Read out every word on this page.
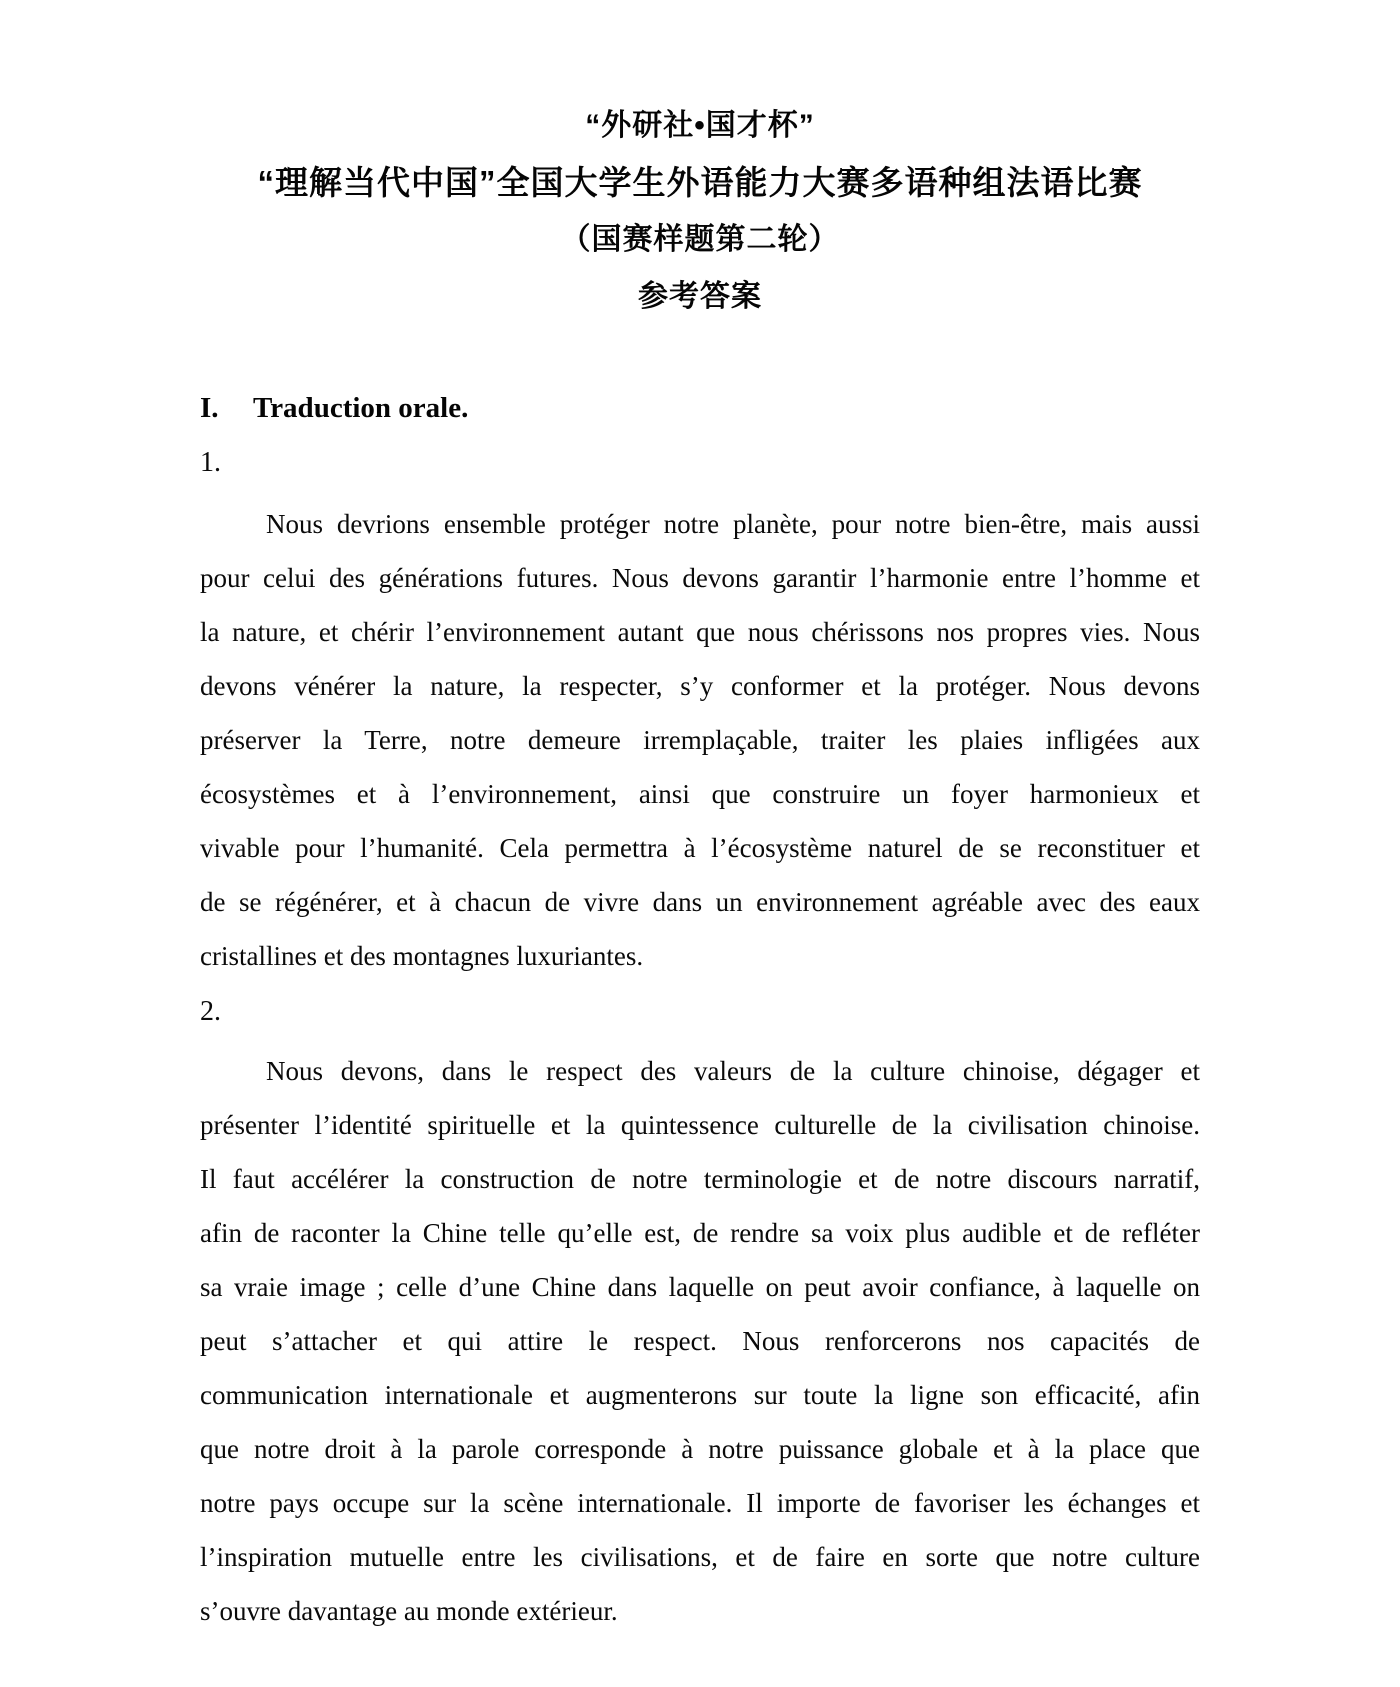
“外研社•国才杯”
“理解当代中国”全国大学生外语能力大赛多语种组法语比赛
（国赛样题第二轮）
参考答案
I. Traduction orale.
1.
Nous devrions ensemble protéger notre planète, pour notre bien-être, mais aussi
pour celui des générations futures. Nous devons garantir l’harmonie entre l’homme et
la nature, et chérir l’environnement autant que nous chérissons nos propres vies. Nous
devons vénérer la nature, la respecter, s’y conformer et la protéger. Nous devons
préserver la Terre, notre demeure irremplaçable, traiter les plaies infligées aux
écosystèmes et à l’environnement, ainsi que construire un foyer harmonieux et
vivable pour l’humanité. Cela permettra à l’écosystème naturel de se reconstituer et
de se régénérer, et à chacun de vivre dans un environnement agréable avec des eaux
cristallines et des montagnes luxuriantes.
2.
Nous devons, dans le respect des valeurs de la culture chinoise, dégager et
présenter l’identité spirituelle et la quintessence culturelle de la civilisation chinoise.
Il faut accélérer la construction de notre terminologie et de notre discours narratif,
afin de raconter la Chine telle qu’elle est, de rendre sa voix plus audible et de refléter
sa vraie image ; celle d’une Chine dans laquelle on peut avoir confiance, à laquelle on
peut s’attacher et qui attire le respect. Nous renforcerons nos capacités de
communication internationale et augmenterons sur toute la ligne son efficacité, afin
que notre droit à la parole corresponde à notre puissance globale et à la place que
notre pays occupe sur la scène internationale. Il importe de favoriser les échanges et
l’inspiration mutuelle entre les civilisations, et de faire en sorte que notre culture
s’ouvre davantage au monde extérieur.
